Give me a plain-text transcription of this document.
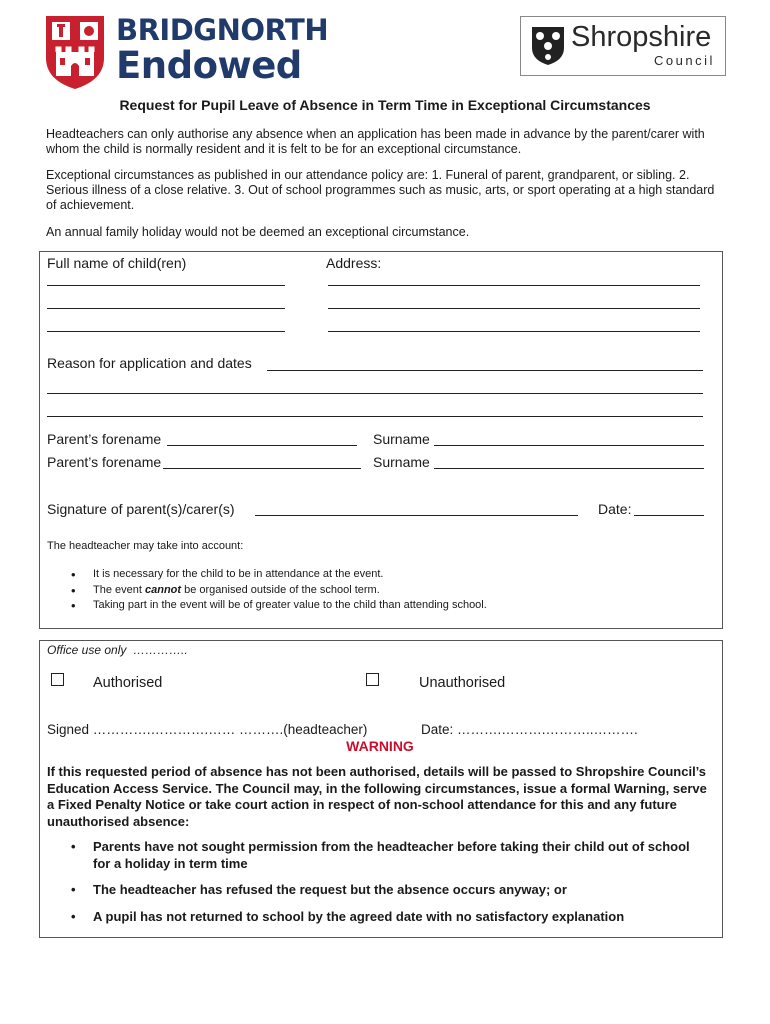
BRIDGNORTH
Endowed
Shropshire
Council
Request for Pupil Leave of Absence in Term Time in Exceptional Circumstances
Headteachers can only authorise any absence when an application has been made in advance by the parent/carer with whom the child is normally resident and it is felt to be for an exceptional circumstance.
Exceptional circumstances as published in our attendance policy are: 1. Funeral of parent, grandparent, or sibling. 2. Serious illness of a close relative. 3. Out of school programmes such as music, arts, or sport operating at a high standard of achievement.
An annual family holiday would not be deemed an exceptional circumstance.
Full name of child(ren)	Address:
Reason for application and dates
Parent’s forename	Surname
Parent’s forename	Surname
Signature of parent(s)/carer(s)	Date:
The headteacher may take into account:
• It is necessary for the child to be in attendance at the event.
• The event cannot be organised outside of the school term.
• Taking part in the event will be of greater value to the child than attending school.
Office use only …………..
Authorised	Unauthorised
Signed ………….………….…… ……….(headteacher)	Date: ……….……….………..……….
WARNING
If this requested period of absence has not been authorised, details will be passed to Shropshire Council’s Education Access Service. The Council may, in the following circumstances, issue a formal Warning, serve a Fixed Penalty Notice or take court action in respect of non-school attendance for this and any future unauthorised absence:
• Parents have not sought permission from the headteacher before taking their child out of school for a holiday in term time
• The headteacher has refused the request but the absence occurs anyway; or
• A pupil has not returned to school by the agreed date with no satisfactory explanation
